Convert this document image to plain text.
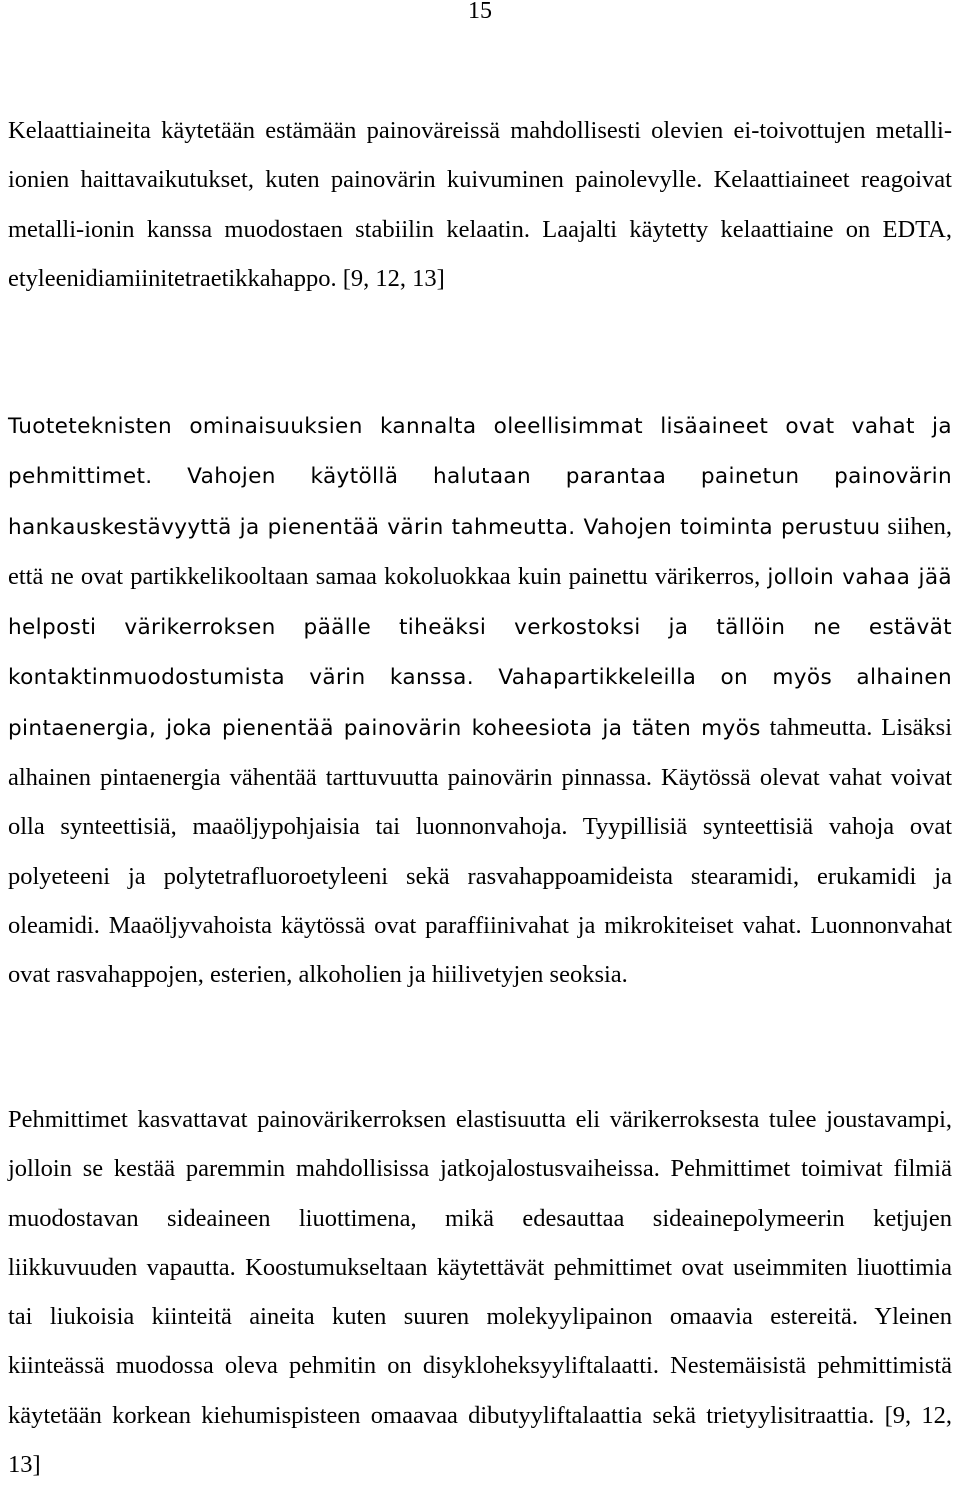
15

Kelaattiaineita käytetään estämään painoväreissä mahdollisesti olevien ei-toivottujen metalli-ionien haittavaikutukset, kuten painovärin kuivuminen painolevylle. Kelaattiaineet reagoivat metalli-ionin kanssa muodostaen stabiilin kelaatin. Laajalti käytetty kelaattiaine on EDTA, etyleenidiamiinitetraetikkahappo. [9, 12, 13]

Tuoteteknisten ominaisuuksien kannalta oleellisimmat lisäaineet ovat vahat ja pehmittimet. Vahojen käytöllä halutaan parantaa painetun painovärin hankauskestävyyttä ja pienentää värin tahmeutta. Vahojen toiminta perustuu siihen, että ne ovat partikkelikooltaan samaa kokoluokkaa kuin painettu värikerros, jolloin vahaa jää helposti värikerroksen päälle tiheäksi verkostoksi ja tällöin ne estävät kontaktinmuodostumista värin kanssa. Vahapartikkeleilla on myös alhainen pintaenergia, joka pienentää painovärin koheesiota ja täten myös tahmeutta. Lisäksi alhainen pintaenergia vähentää tarttuvuutta painovärin pinnassa. Käytössä olevat vahat voivat olla synteettisiä, maaöljypohjaisia tai luonnonvahoja. Tyypillisiä synteettisiä vahoja ovat polyeteeni ja polytetrafluoroetyleeni sekä rasvahappoamideista stearamidi, erukamidi ja oleamidi. Maaöljyvahoista käytössä ovat paraffiinivahat ja mikrokiteiset vahat. Luonnonvahat ovat rasvahappojen, esterien, alkoholien ja hiilivetyjen seoksia.

Pehmittimet kasvattavat painovärikerroksen elastisuutta eli värikerroksesta tulee joustavampi, jolloin se kestää paremmin mahdollisissa jatkojalostusvaiheissa. Pehmittimet toimivat filmiä muodostavan sideaineen liuottimena, mikä edesauttaa sideainepolymeerin ketjujen liikkuvuuden vapautta. Koostumukseltaan käytettävät pehmittimet ovat useimmiten liuottimia tai liukoisia kiinteitä aineita kuten suuren molekyylipainon omaavia estereitä. Yleinen kiinteässä muodossa oleva pehmitin on disykloheksyyliftalaatti. Nestemäisistä pehmittimistä käytetään korkean kiehumispisteen omaavaa dibutyyliftalaattia sekä trietyylisitraattia. [9, 12, 13]
